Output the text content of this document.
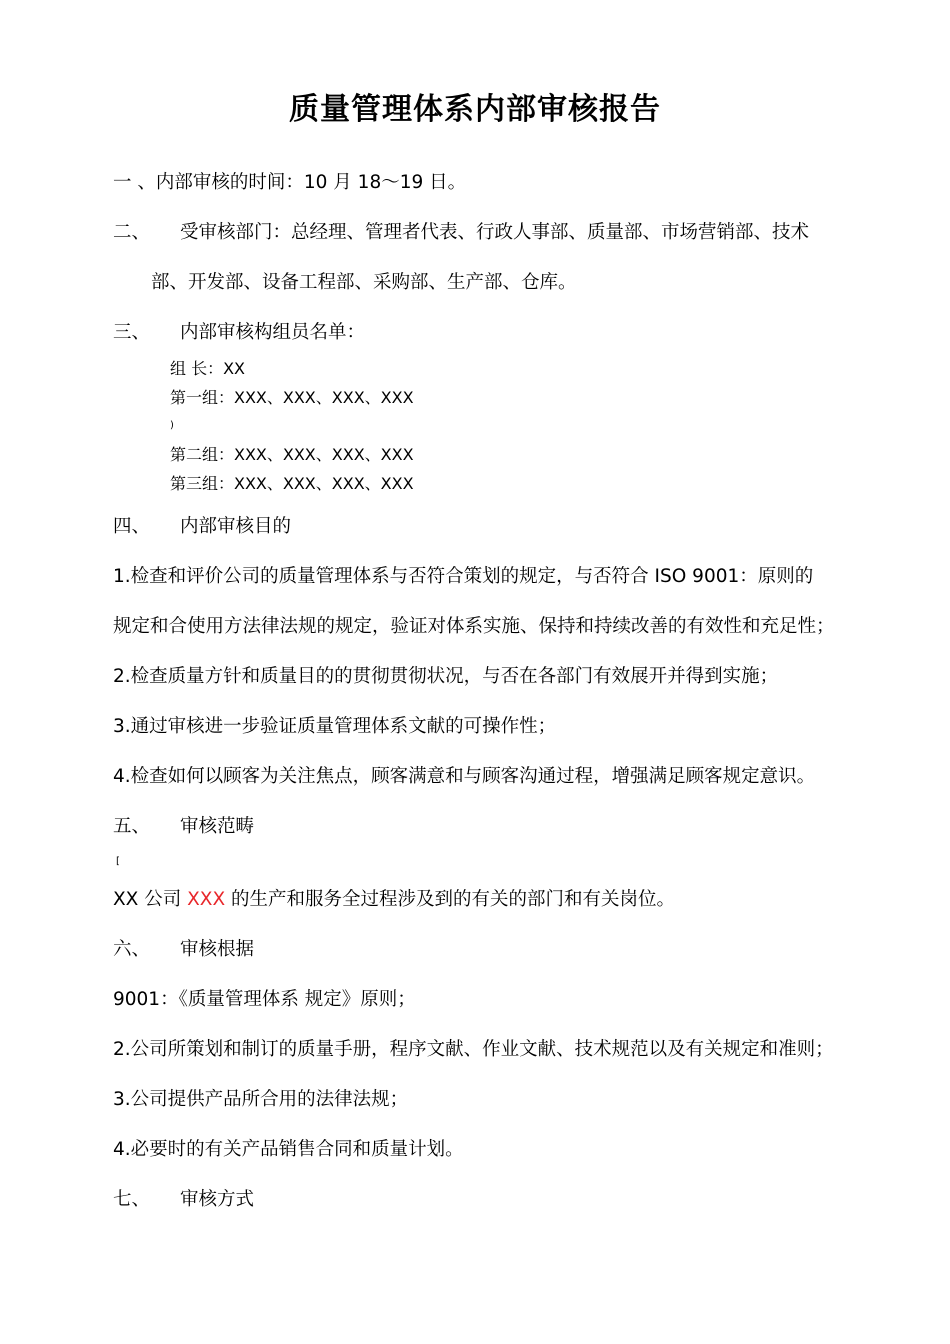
质量管理体系内部审核报告
一 、内部审核的时间：10 月 18～19 日。
二、 受审核部门：总经理、管理者代表、行政人事部、质量部、市场营销部、技术
部、开发部、设备工程部、采购部、生产部、仓库。
三、 内部审核构组员名单：
组 长：XX
第一组：XXX、XXX、XXX、XXX
)
第二组：XXX、XXX、XXX、XXX
第三组：XXX、XXX、XXX、XXX
四、 内部审核目的
1.检查和评价公司的质量管理体系与否符合策划的规定，与否符合 ISO 9001：原则的
规定和合使用方法律法规的规定，验证对体系实施、保持和持续改善的有效性和充足性；
2.检查质量方针和质量目的的贯彻贯彻状况，与否在各部门有效展开并得到实施；
3.通过审核进一步验证质量管理体系文献的可操作性；
4.检查如何以顾客为关注焦点，顾客满意和与顾客沟通过程，增强满足顾客规定意识。
五、 审核范畴
[
XX 公司 XXX 的生产和服务全过程涉及到的有关的部门和有关岗位。
六、 审核根据
9001：《质量管理体系 规定》原则；
2.公司所策划和制订的质量手册，程序文献、作业文献、技术规范以及有关规定和准则；
3.公司提供产品所合用的法律法规；
4.必要时的有关产品销售合同和质量计划。
七、 审核方式
